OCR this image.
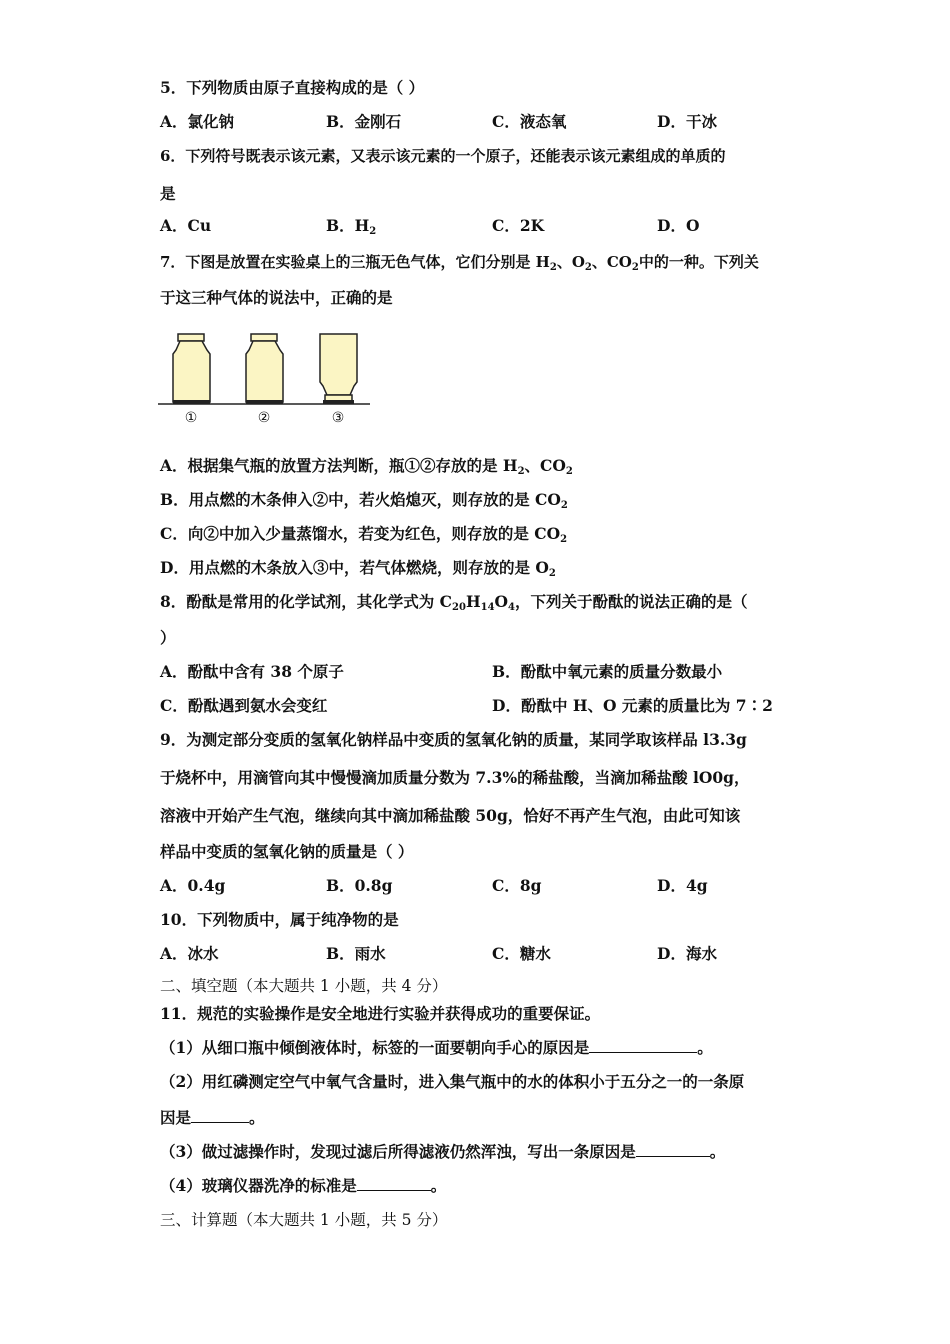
5．下列物质由原子直接构成的是（ ）
A．氯化钠	B．金刚石	C．液态氧	D．干冰
6．下列符号既表示该元素，又表示该元素的一个原子，还能表示该元素组成的单质的
是
A．Cu	B．$H_2$	C．2K	D．O
7．下图是放置在实验桌上的三瓶无色气体，它们分别是 $H_2$、$O_2$、$CO_2$中的一种。下列关
于这三种气体的说法中，正确的是
①	②	③
A．根据集气瓶的放置方法判断，瓶①②存放的是 $H_2$、$CO_2$
B．用点燃的木条伸入②中，若火焰熄灭，则存放的是 $CO_2$
C．向②中加入少量蒸馏水，若变为红色，则存放的是 $CO_2$
D．用点燃的木条放入③中，若气体燃烧，则存放的是 $O_2$
8．酚酞是常用的化学试剂，其化学式为 $C_{20}H_{14}O_4$，下列关于酚酞的说法正确的是（
）
A．酚酞中含有 38 个原子	B．酚酞中氧元素的质量分数最小
C．酚酞遇到氨水会变红	D．酚酞中 H、O 元素的质量比为 7∶2
9．为测定部分变质的氢氧化钠样品中变质的氢氧化钠的质量，某同学取该样品 l3.3g
于烧杯中，用滴管向其中慢慢滴加质量分数为 7.3%的稀盐酸，当滴加稀盐酸 lO0g，
溶液中开始产生气泡，继续向其中滴加稀盐酸 50g，恰好不再产生气泡，由此可知该
样品中变质的氢氧化钠的质量是（ ）
A．0.4g	B．0.8g	C．8g	D．4g
10．下列物质中，属于纯净物的是
A．冰水	B．雨水	C．糖水	D．海水
二、填空题（本大题共 1 小题，共 4 分）
11．规范的实验操作是安全地进行实验并获得成功的重要保证。
（1）从细口瓶中倾倒液体时，标签的一面要朝向手心的原因是	。
（2）用红磷测定空气中氧气含量时，进入集气瓶中的水的体积小于五分之一的一条原
因是	。
（3）做过滤操作时，发现过滤后所得滤液仍然浑浊，写出一条原因是	。
（4）玻璃仪器洗净的标准是	。
三、计算题（本大题共 1 小题，共 5 分）
